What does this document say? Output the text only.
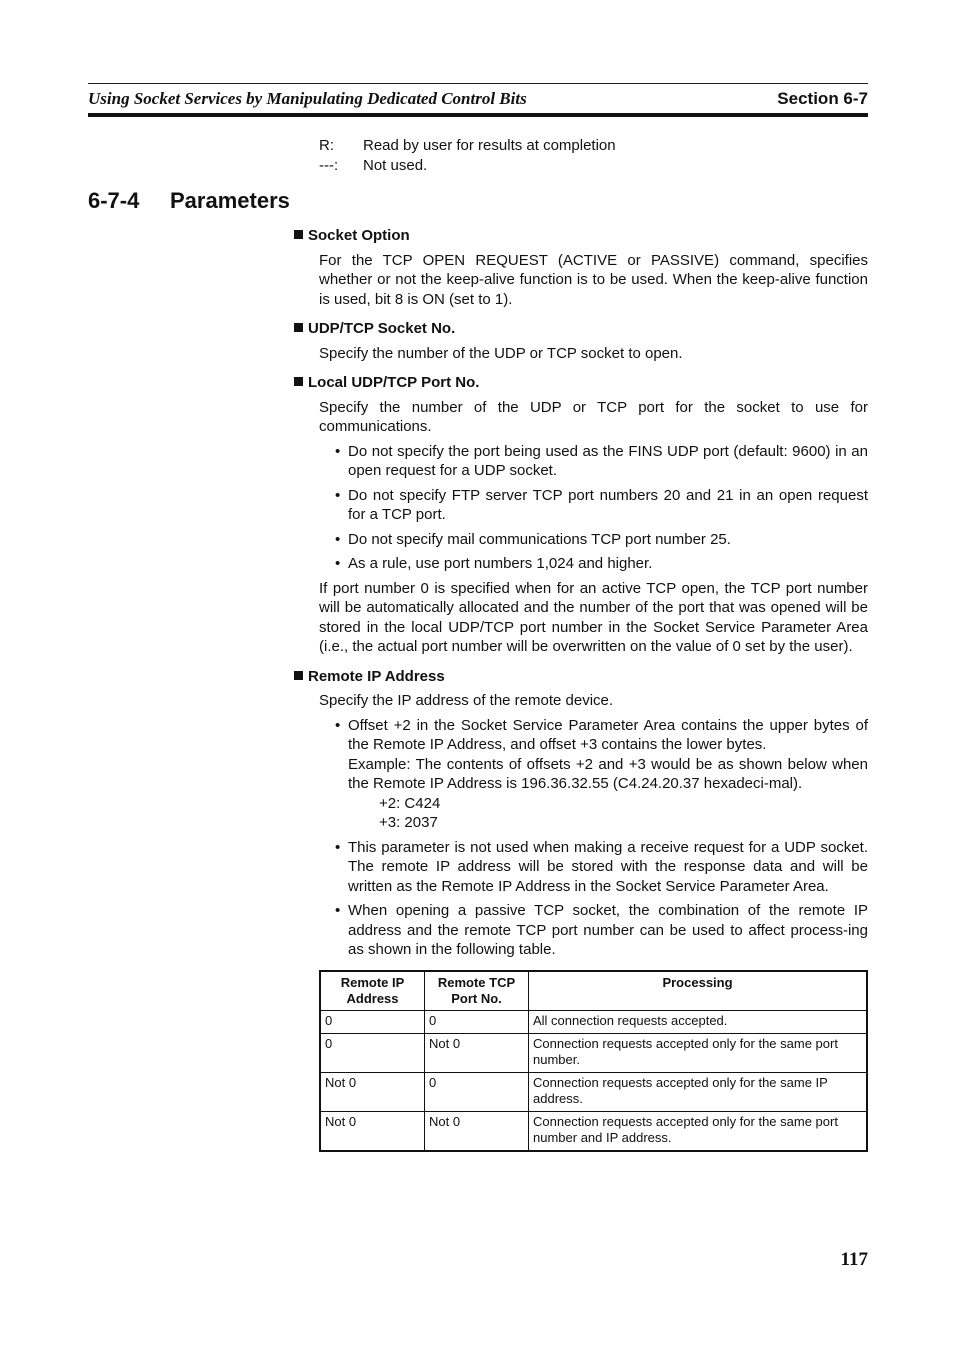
Using Socket Services by Manipulating Dedicated Control Bits	Section 6-7
R:	Read by user for results at completion
---:	Not used.
6-7-4 Parameters
Socket Option

For the TCP OPEN REQUEST (ACTIVE or PASSIVE) command, specifies whether or not the keep-alive function is to be used. When the keep-alive function is used, bit 8 is ON (set to 1).

UDP/TCP Socket No.

Specify the number of the UDP or TCP socket to open.

Local UDP/TCP Port No.

Specify the number of the UDP or TCP port for the socket to use for communications.

• Do not specify the port being used as the FINS UDP port (default: 9600) in an open request for a UDP socket.
• Do not specify FTP server TCP port numbers 20 and 21 in an open request for a TCP port.
• Do not specify mail communications TCP port number 25.
• As a rule, use port numbers 1,024 and higher.

If port number 0 is specified when for an active TCP open, the TCP port number will be automatically allocated and the number of the port that was opened will be stored in the local UDP/TCP port number in the Socket Service Parameter Area (i.e., the actual port number will be overwritten on the value of 0 set by the user).

Remote IP Address

Specify the IP address of the remote device.

• Offset +2 in the Socket Service Parameter Area contains the upper bytes of the Remote IP Address, and offset +3 contains the lower bytes.
Example: The contents of offsets +2 and +3 would be as shown below when the Remote IP Address is 196.36.32.55 (C4.24.20.37 hexadeci-mal).
+2: C424
+3: 2037
• This parameter is not used when making a receive request for a UDP socket. The remote IP address will be stored with the response data and will be written as the Remote IP Address in the Socket Service Parameter Area.
• When opening a passive TCP socket, the combination of the remote IP address and the remote TCP port number can be used to affect process-ing as shown in the following table.
Remote IP Address	Remote TCP Port No.	Processing
0	0	All connection requests accepted.
0	Not 0	Connection requests accepted only for the same port number.
Not 0	0	Connection requests accepted only for the same IP address.
Not 0	Not 0	Connection requests accepted only for the same port number and IP address.
117
